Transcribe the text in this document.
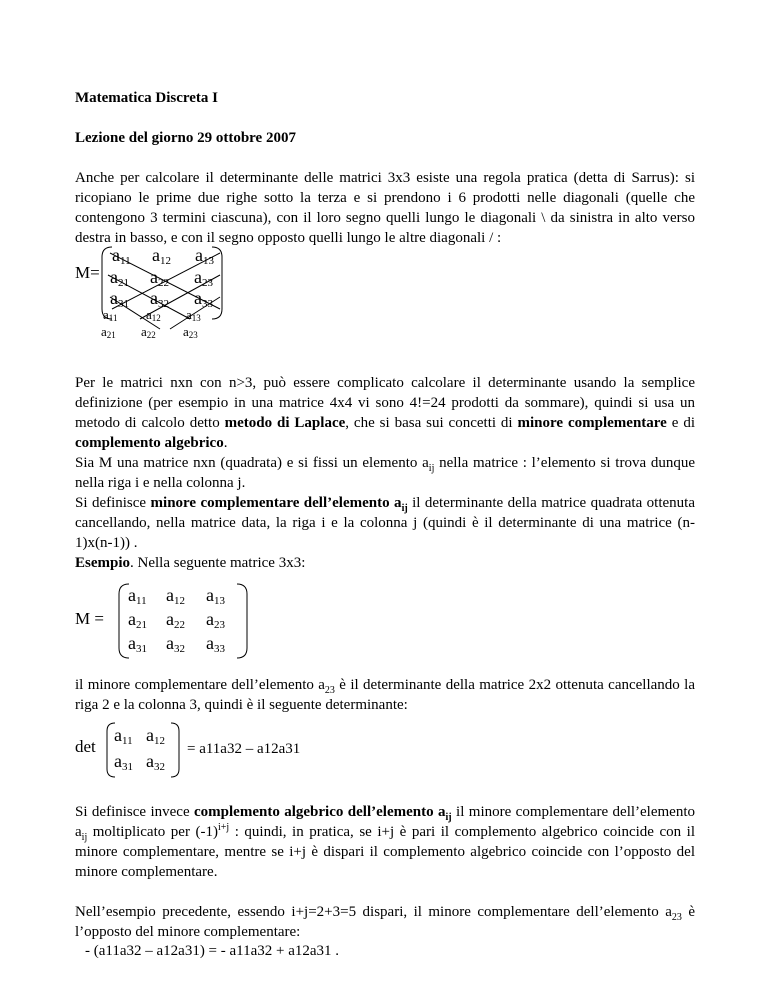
Matematica Discreta I
Lezione del giorno 29 ottobre 2007
Anche per calcolare il determinante delle matrici 3x3 esiste una regola pratica (detta di Sarrus): si ricopiano le prime due righe sotto la terza e si prendono i 6 prodotti nelle diagonali (quelle che contengono 3 termini ciascuna), con il loro segno quelli lungo le diagonali \ da sinistra in alto verso destra in basso, e con il segno opposto quelli lungo le altre diagonali / :
M=
$a_{11}$ $a_{12}$ $a_{13}$
$a_{21}$ $a_{22}$ $a_{23}$
$a_{31}$ $a_{32}$ $a_{33}$
$a_{11}$ $a_{12}$ $a_{13}$
$a_{21}$ $a_{22}$ $a_{23}$
Per le matrici nxn con n>3, può essere complicato calcolare il determinante usando la semplice definizione (per esempio in una matrice 4x4 vi sono 4!=24 prodotti da sommare), quindi si usa un metodo di calcolo detto metodo di Laplace, che si basa sui concetti di minore complementare e di complemento algebrico.

Sia M una matrice nxn (quadrata) e si fissi un elemento $a_{ij}$ nella matrice : l’elemento si trova dunque nella riga i e nella colonna j.

Si definisce minore complementare dell’elemento $a_{ij}$ il determinante della matrice quadrata ottenuta cancellando, nella matrice data, la riga i e la colonna j (quindi è il determinante di una matrice (n-1)x(n-1)) .

Esempio. Nella seguente matrice 3x3:
M =
$a_{11}$ $a_{12}$ $a_{13}$
$a_{21}$ $a_{22}$ $a_{23}$
$a_{31}$ $a_{32}$ $a_{33}$
il minore complementare dell’elemento $a_{23}$ è il determinante della matrice 2x2 ottenuta cancellando la riga 2 e la colonna 3, quindi è il seguente determinante:
det
$a_{11}$ $a_{12}$
$a_{31}$ $a_{32}$
= a11a32 – a12a31
Si definisce invece complemento algebrico dell’elemento $a_{ij}$ il minore complementare dell’elemento $a_{ij}$ moltiplicato per $(-1)^{i+j}$ : quindi, in pratica, se i+j è pari il complemento algebrico coincide con il minore complementare, mentre se i+j è dispari il complemento algebrico coincide con l’opposto del minore complementare.
Nell’esempio precedente, essendo i+j=2+3=5 dispari, il minore complementare dell’elemento $a_{23}$ è l’opposto del minore complementare:
- (a11a32 – a12a31) = - a11a32 + a12a31 .
